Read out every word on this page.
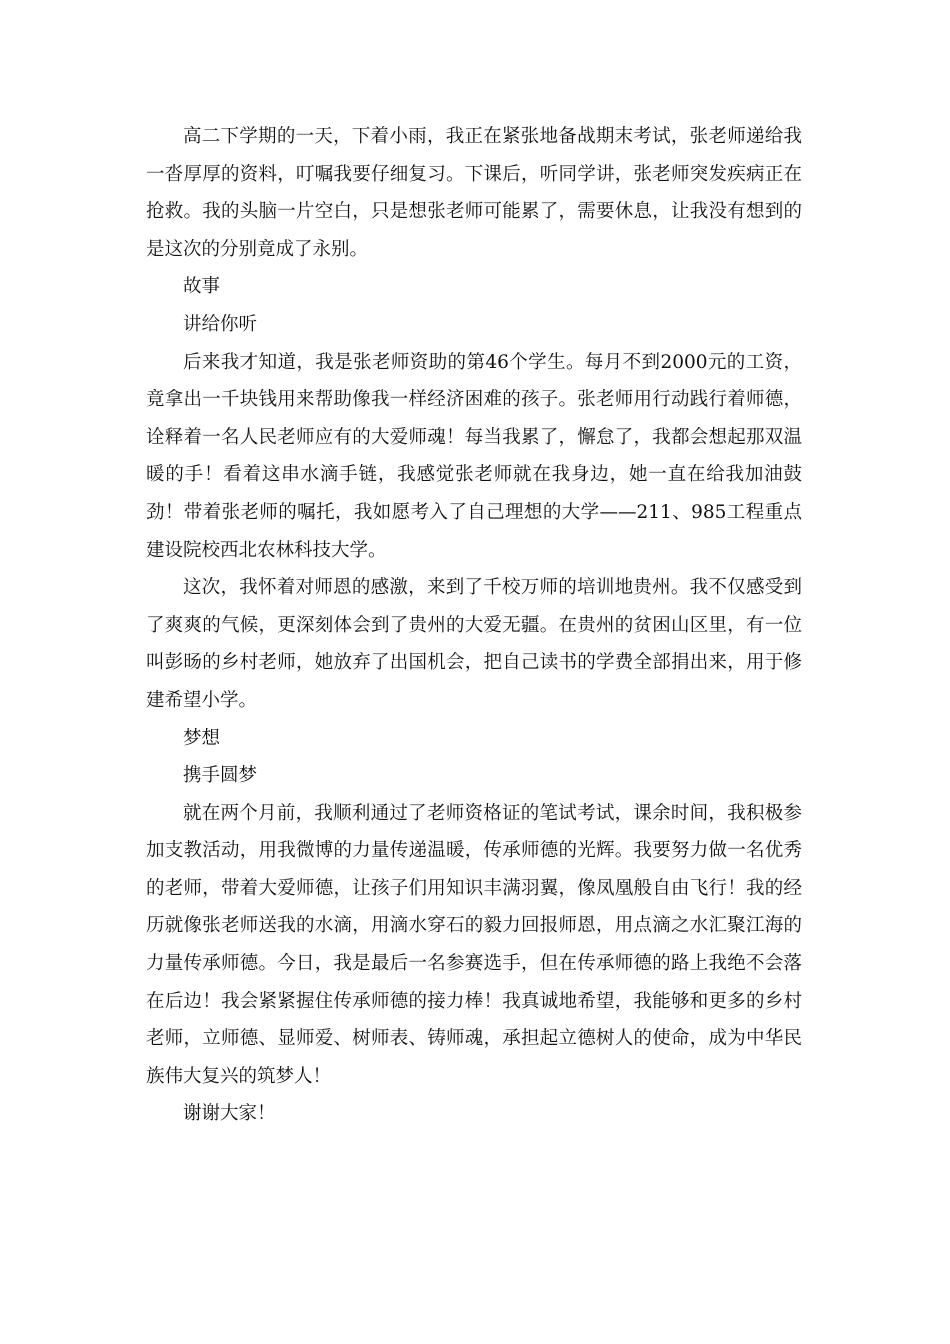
高二下学期的一天，下着小雨，我正在紧张地备战期末考试，张老师递给我一沓厚厚的资料，叮嘱我要仔细复习。下课后，听同学讲，张老师突发疾病正在抢救。我的头脑一片空白，只是想张老师可能累了，需要休息，让我没有想到的是这次的分别竟成了永别。

故事

讲给你听

后来我才知道，我是张老师资助的第46个学生。每月不到2000元的工资，竟拿出一千块钱用来帮助像我一样经济困难的孩子。张老师用行动践行着师德，诠释着一名人民老师应有的大爱师魂！每当我累了，懈怠了，我都会想起那双温暖的手！看着这串水滴手链，我感觉张老师就在我身边，她一直在给我加油鼓劲！带着张老师的嘱托，我如愿考入了自己理想的大学——211、985工程重点建设院校西北农林科技大学。

这次，我怀着对师恩的感激，来到了千校万师的培训地贵州。我不仅感受到了爽爽的气候，更深刻体会到了贵州的大爱无疆。在贵州的贫困山区里，有一位叫彭旸的乡村老师，她放弃了出国机会，把自己读书的学费全部捐出来，用于修建希望小学。

梦想

携手圆梦

就在两个月前，我顺利通过了老师资格证的笔试考试，课余时间，我积极参加支教活动，用我微博的力量传递温暖，传承师德的光辉。我要努力做一名优秀的老师，带着大爱师德，让孩子们用知识丰满羽翼，像凤凰般自由飞行！我的经历就像张老师送我的水滴，用滴水穿石的毅力回报师恩，用点滴之水汇聚江海的力量传承师德。今日，我是最后一名参赛选手，但在传承师德的路上我绝不会落在后边！我会紧紧握住传承师德的接力棒！我真诚地希望，我能够和更多的乡村老师，立师德、显师爱、树师表、铸师魂，承担起立德树人的使命，成为中华民族伟大复兴的筑梦人！

谢谢大家！
